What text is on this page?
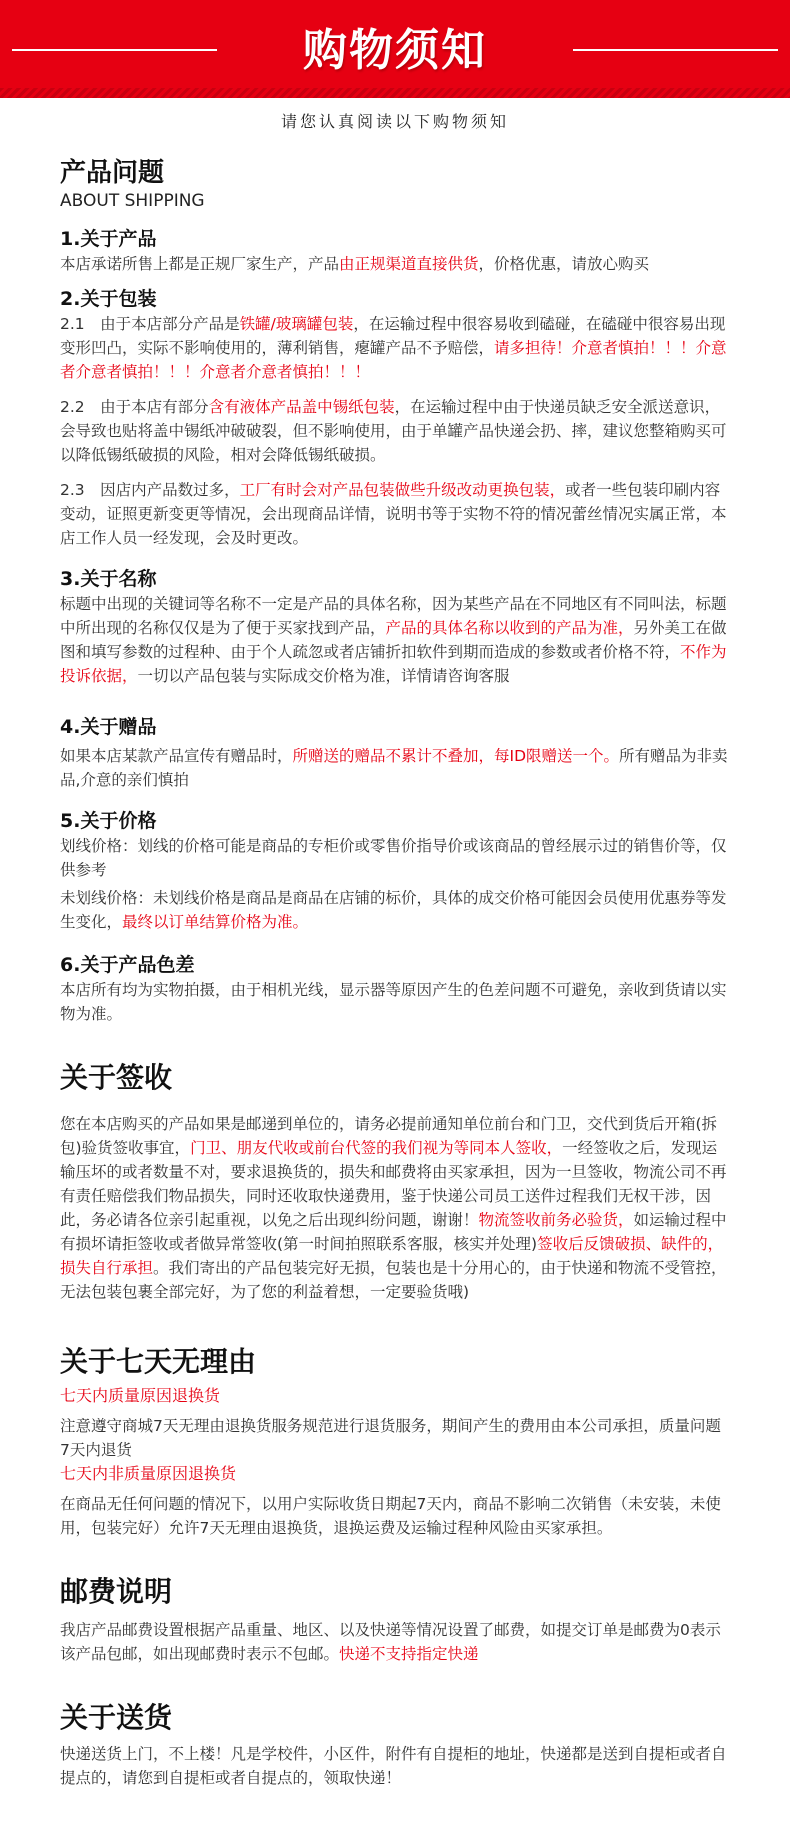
购物须知
请您认真阅读以下购物须知
产品问题
ABOUT SHIPPING
1.关于产品

本店承诺所售上都是正规厂家生产，产品由正规渠道直接供货，价格优惠，请放心购买

2.关于包装

2.1　由于本店部分产品是铁罐/玻璃罐包装，在运输过程中很容易收到磕碰，在磕碰中很容易出现变形凹凸，实际不影响使用的，薄利销售，瘪罐产品不予赔偿，请多担待！介意者慎拍！！！介意者介意者慎拍！！！介意者介意者慎拍！！！

2.2　由于本店有部分含有液体产品盖中锡纸包装，在运输过程中由于快递员缺乏安全派送意识，会导致也贴将盖中锡纸冲破破裂，但不影响使用，由于单罐产品快递会扔、摔，建议您整箱购买可以降低锡纸破损的风险，相对会降低锡纸破损。

2.3　因店内产品数过多，工厂有时会对产品包装做些升级改动更换包装，或者一些包装印刷内容变动，证照更新变更等情况，会出现商品详情，说明书等于实物不符的情况蕾丝情况实属正常，本店工作人员一经发现，会及时更改。

3.关于名称

标题中出现的关键词等名称不一定是产品的具体名称，因为某些产品在不同地区有不同叫法，标题中所出现的名称仅仅是为了便于买家找到产品，产品的具体名称以收到的产品为准，另外美工在做图和填写参数的过程种、由于个人疏忽或者店铺折扣软件到期而造成的参数或者价格不符，不作为投诉依据，一切以产品包装与实际成交价格为准，详情请咨询客服

4.关于赠品

如果本店某款产品宣传有赠品时，所赠送的赠品不累计不叠加，每ID限赠送一个。所有赠品为非卖品,介意的亲们慎拍

5.关于价格

划线价格：划线的价格可能是商品的专柜价或零售价指导价或该商品的曾经展示过的销售价等，仅供参考

未划线价格：未划线价格是商品是商品在店铺的标价，具体的成交价格可能因会员使用优惠券等发生变化，最终以订单结算价格为准。

6.关于产品色差

本店所有均为实物拍摄，由于相机光线，显示器等原因产生的色差问题不可避免，亲收到货请以实物为准。

关于签收

您在本店购买的产品如果是邮递到单位的，请务必提前通知单位前台和门卫，交代到货后开箱(拆包)验货签收事宜，门卫、朋友代收或前台代签的我们视为等同本人签收，一经签收之后，发现运输压坏的或者数量不对，要求退换货的，损失和邮费将由买家承担，因为一旦签收，物流公司不再有责任赔偿我们物品损失，同时还收取快递费用，鉴于快递公司员工送件过程我们无权干涉，因此，务必请各位亲引起重视，以免之后出现纠纷问题，谢谢！物流签收前务必验货，如运输过程中有损坏请拒签收或者做异常签收(第一时间拍照联系客服，核实并处理)签收后反馈破损、缺件的，损失自行承担。我们寄出的产品包装完好无损，包装也是十分用心的，由于快递和物流不受管控，无法包装包裹全部完好，为了您的利益着想，一定要验货哦)

关于七天无理由
七天内质量原因退换货

注意遵守商城7天无理由退换货服务规范进行退货服务，期间产生的费用由本公司承担，质量问题7天内退货

七天内非质量原因退换货

在商品无任何问题的情况下，以用户实际收货日期起7天内，商品不影响二次销售（未安装，未使用，包装完好）允许7天无理由退换货，退换运费及运输过程种风险由买家承担。

邮费说明

我店产品邮费设置根据产品重量、地区、以及快递等情况设置了邮费，如提交订单是邮费为0表示该产品包邮，如出现邮费时表示不包邮。快递不支持指定快递

关于送货

快递送货上门，不上楼！凡是学校件，小区件，附件有自提柜的地址，快递都是送到自提柜或者自提点的，请您到自提柜或者自提点的，领取快递！
